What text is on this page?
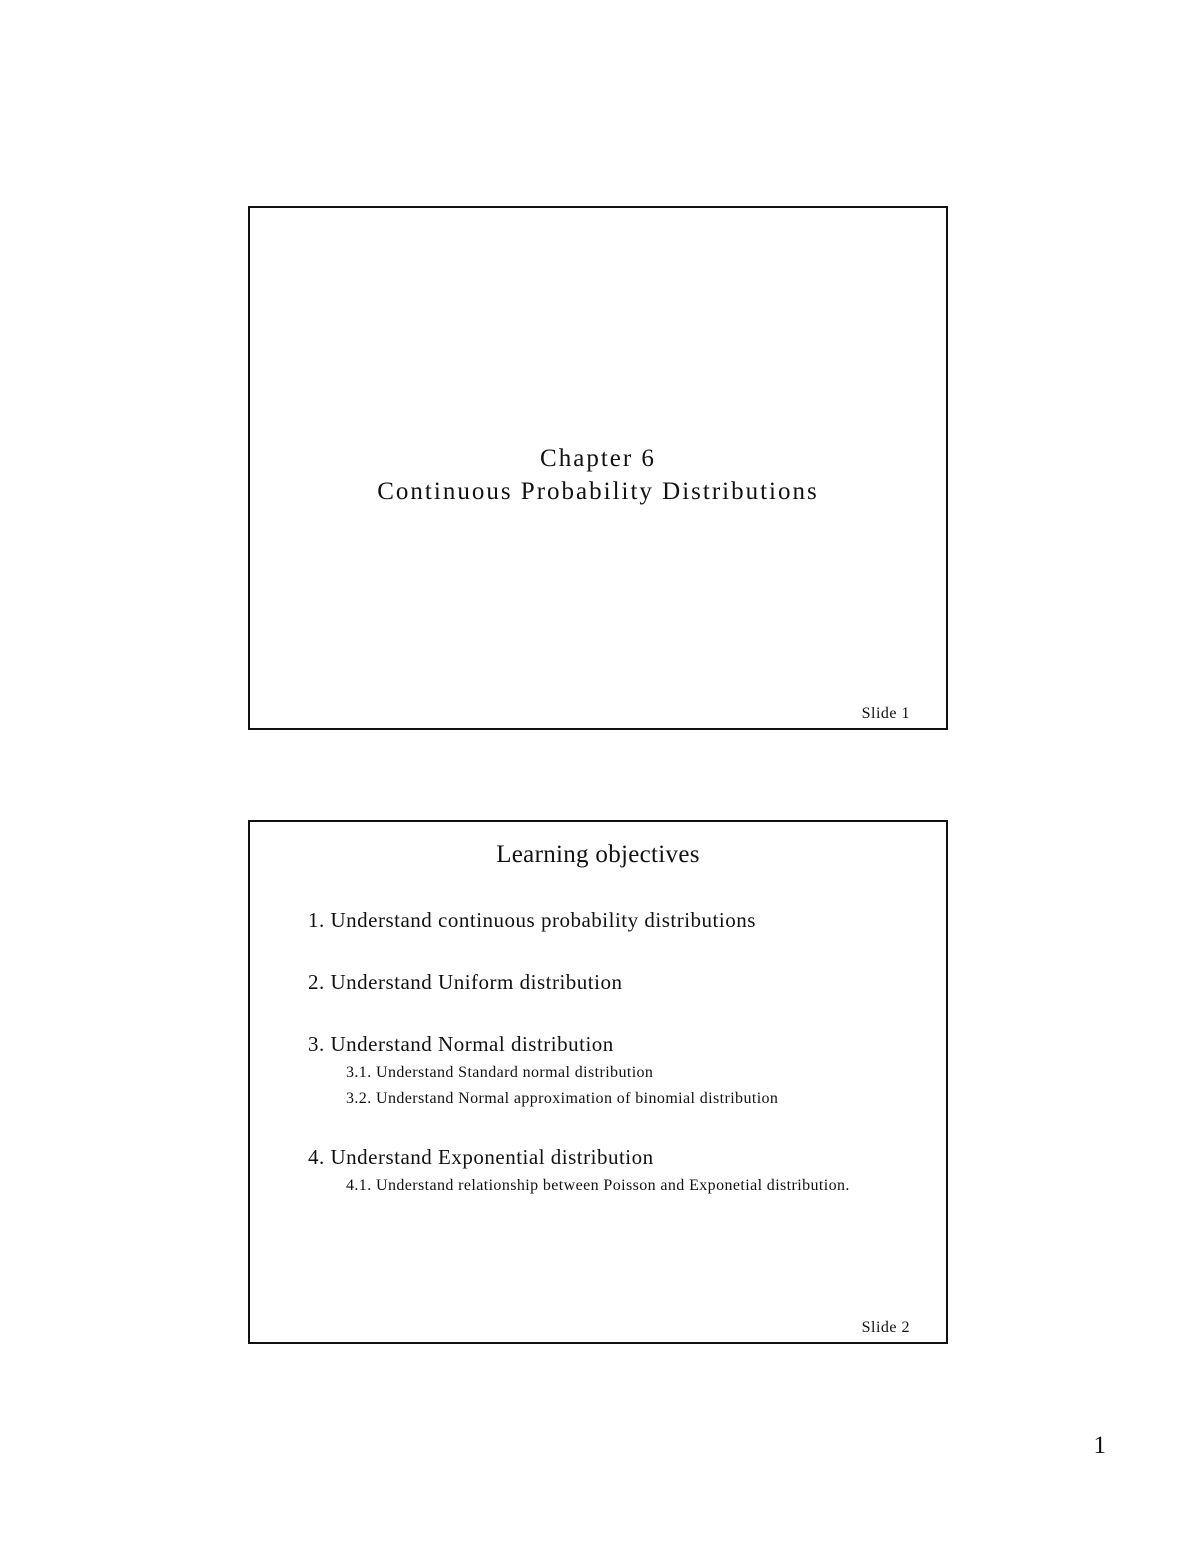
Chapter 6
Continuous Probability Distributions
Slide 1
Learning objectives
1. Understand continuous probability distributions
2. Understand Uniform distribution
3. Understand Normal distribution
3.1. Understand Standard normal distribution
3.2. Understand Normal approximation of binomial distribution
4. Understand Exponential distribution
4.1. Understand relationship between Poisson and Exponetial distribution.
Slide 2
1
